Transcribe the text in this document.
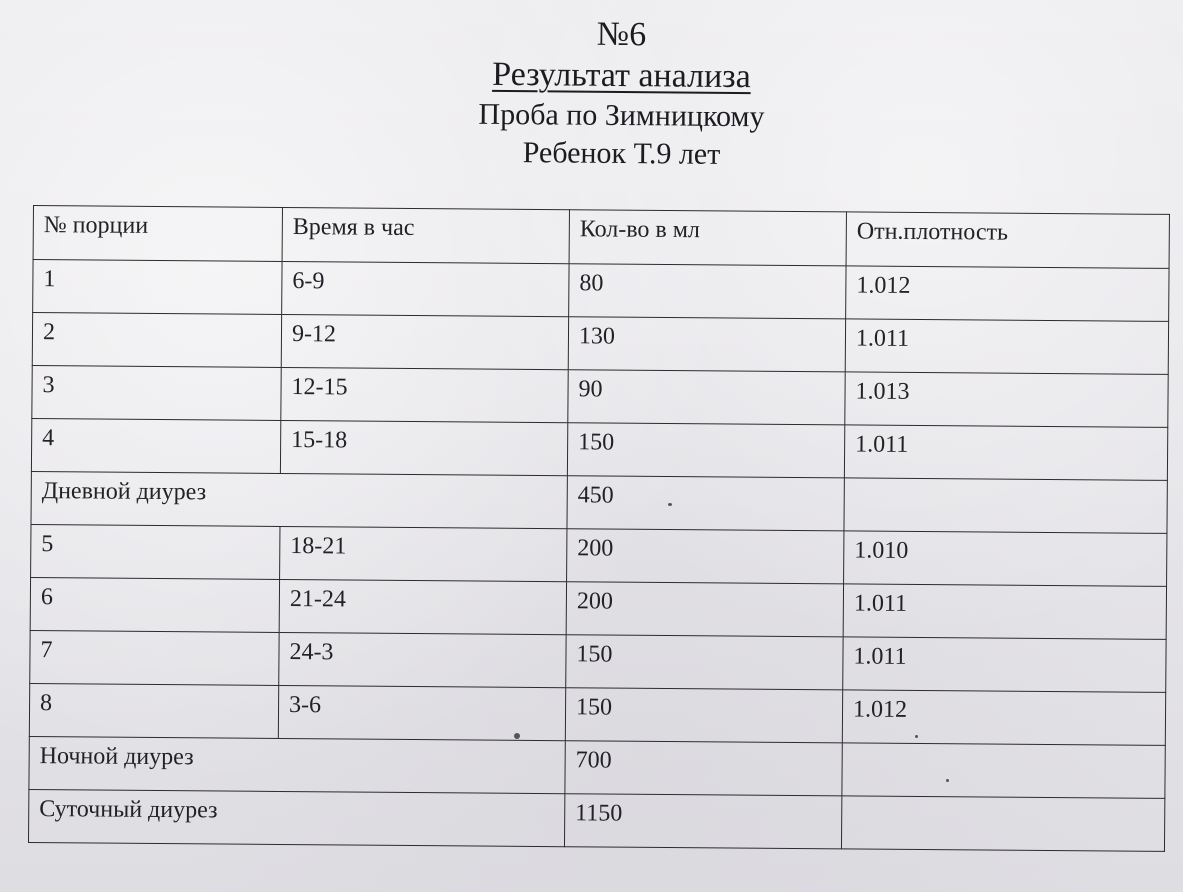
№6
Результат анализа
Проба по Зимницкому
Ребенок Т.9 лет
№ порции	Время в час	Кол-во в мл	Отн.плотность
1	6-9	80	1.012
2	9-12	130	1.011
3	12-15	90	1.013
4	15-18	150	1.011
Дневной диурез		450	
5	18-21	200	1.010
6	21-24	200	1.011
7	24-3	150	1.011
8	3-6	150	1.012
Ночной диурез		700	
Суточный диурез		1150	
